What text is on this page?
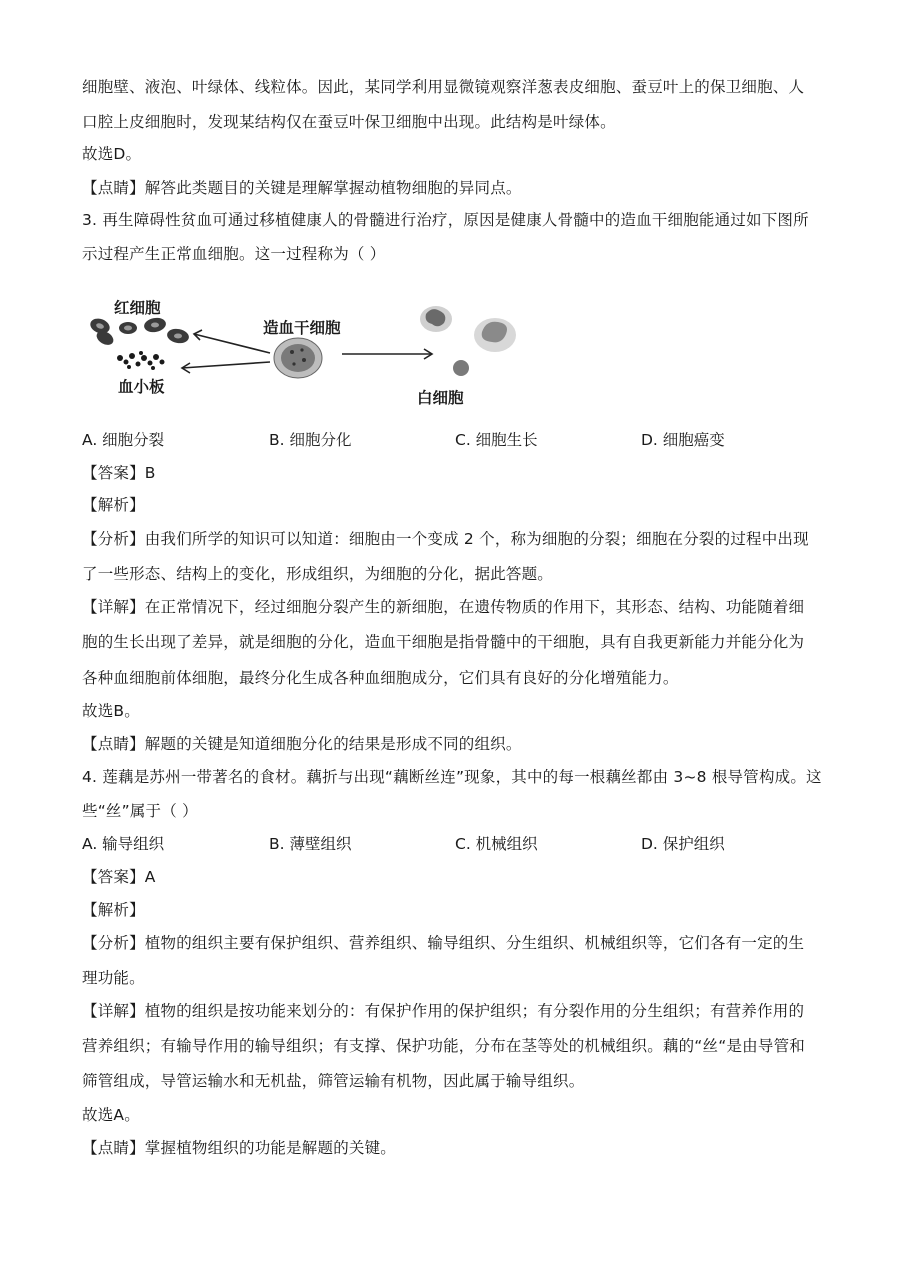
细胞壁、液泡、叶绿体、线粒体。因此，某同学利用显微镜观察洋葱表皮细胞、蚕豆叶上的保卫细胞、人
口腔上皮细胞时，发现某结构仅在蚕豆叶保卫细胞中出现。此结构是叶绿体。
故选D。
【点睛】解答此类题目的关键是理解掌握动植物细胞的异同点。
3. 再生障碍性贫血可通过移植健康人的骨髓进行治疗，原因是健康人骨髓中的造血干细胞能通过如下图所
示过程产生正常血细胞。这一过程称为（ ）
红细胞
血小板
造血干细胞
白细胞
A. 细胞分裂	B. 细胞分化	C. 细胞生长	D. 细胞癌变
【答案】B
【解析】
【分析】由我们所学的知识可以知道：细胞由一个变成 2 个，称为细胞的分裂；细胞在分裂的过程中出现
了一些形态、结构上的变化，形成组织，为细胞的分化，据此答题。
【详解】在正常情况下，经过细胞分裂产生的新细胞，在遗传物质的作用下，其形态、结构、功能随着细
胞的生长出现了差异，就是细胞的分化，造血干细胞是指骨髓中的干细胞，具有自我更新能力并能分化为
各种血细胞前体细胞，最终分化生成各种血细胞成分，它们具有良好的分化增殖能力。
故选B。
【点睛】解题的关键是知道细胞分化的结果是形成不同的组织。
4. 莲藕是苏州一带著名的食材。藕折与出现“藕断丝连”现象，其中的每一根藕丝都由 3~8 根导管构成。这
些“丝”属于（ ）
A. 输导组织	B. 薄壁组织	C. 机械组织	D. 保护组织
【答案】A
【解析】
【分析】植物的组织主要有保护组织、营养组织、输导组织、分生组织、机械组织等，它们各有一定的生
理功能。
【详解】植物的组织是按功能来划分的：有保护作用的保护组织；有分裂作用的分生组织；有营养作用的
营养组织；有输导作用的输导组织；有支撑、保护功能，分布在茎等处的机械组织。藕的“丝“是由导管和
筛管组成，导管运输水和无机盐，筛管运输有机物，因此属于输导组织。
故选A。
【点睛】掌握植物组织的功能是解题的关键。
